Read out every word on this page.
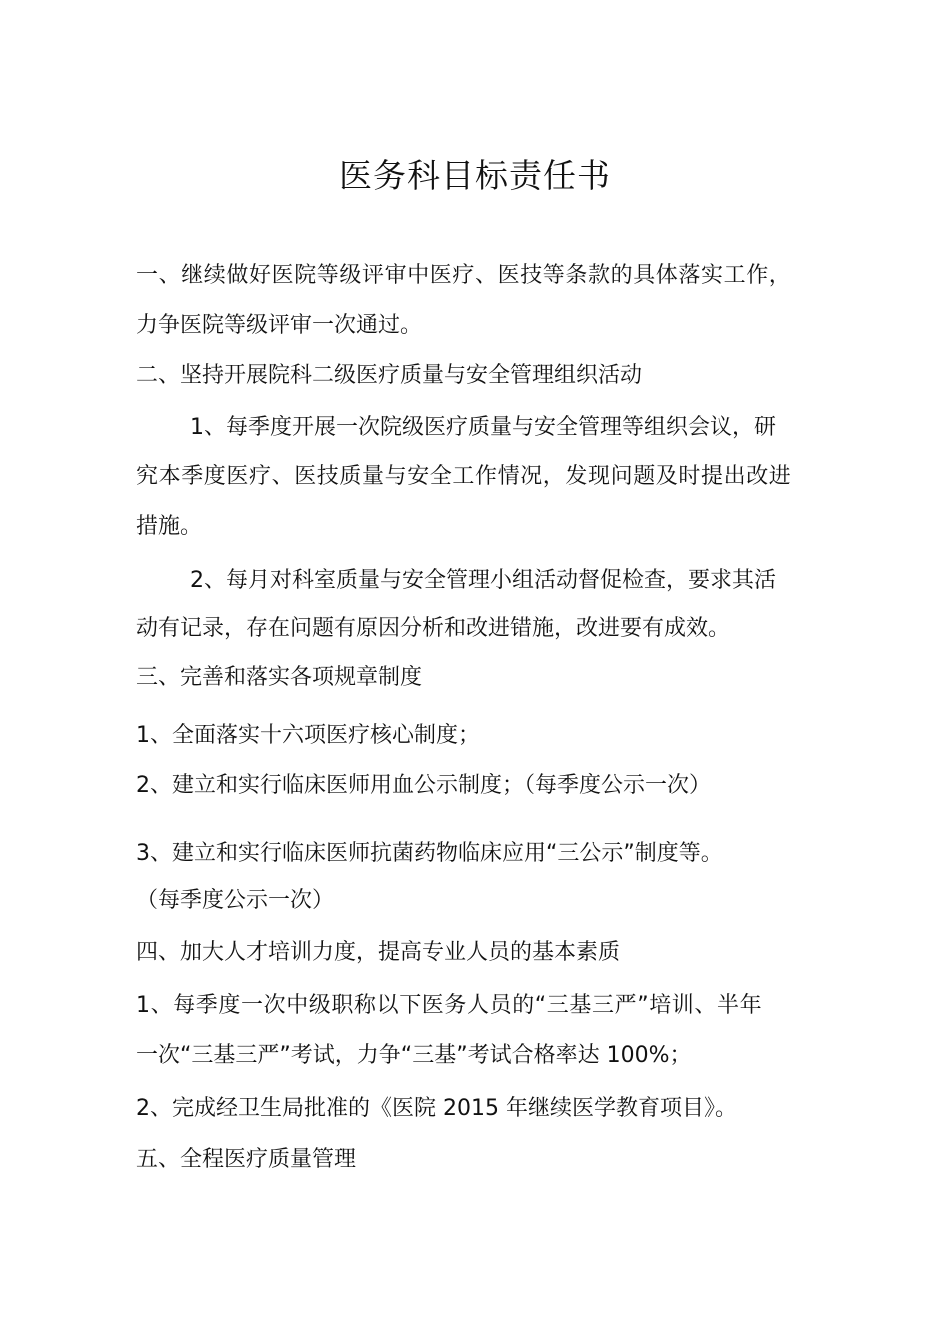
医务科目标责任书
一、继续做好医院等级评审中医疗、医技等条款的具体落实工作，
力争医院等级评审一次通过。
二、坚持开展院科二级医疗质量与安全管理组织活动
1、每季度开展一次院级医疗质量与安全管理等组织会议，研
究本季度医疗、医技质量与安全工作情况，发现问题及时提出改进
措施。
2、每月对科室质量与安全管理小组活动督促检查，要求其活
动有记录，存在问题有原因分析和改进错施，改进要有成效。
三、完善和落实各项规章制度
1、全面落实十六项医疗核心制度；
2、建立和实行临床医师用血公示制度；（每季度公示一次）
3、建立和实行临床医师抗菌药物临床应用“三公示”制度等。
（每季度公示一次）
四、加大人才培训力度，提高专业人员的基本素质
1、每季度一次中级职称以下医务人员的“三基三严”培训、半年
一次“三基三严”考试，力争“三基”考试合格率达 100%；
2、完成经卫生局批准的《医院 2015 年继续医学教育项目》。
五、全程医疗质量管理
